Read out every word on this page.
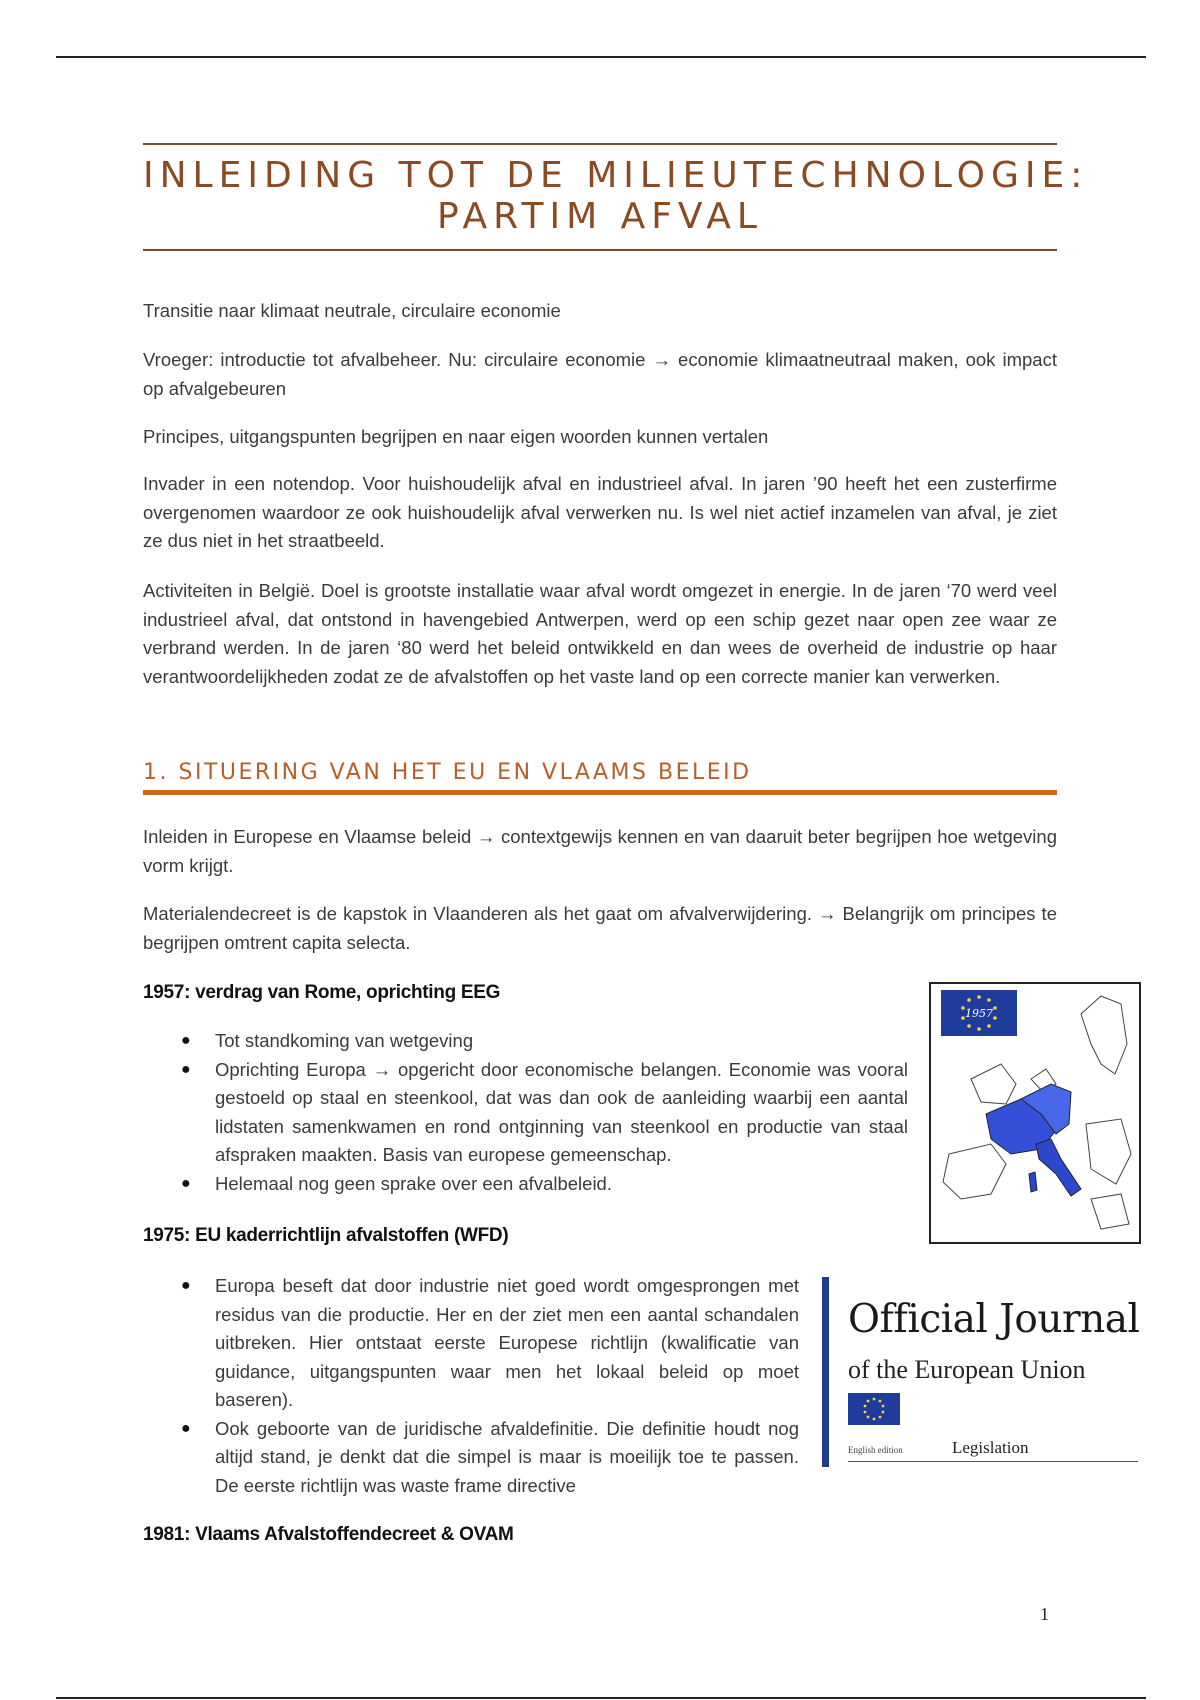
INLEIDING TOT DE MILIEUTECHNOLOGIE:
PARTIM AFVAL
Transitie naar klimaat neutrale, circulaire economie
Vroeger: introductie tot afvalbeheer. Nu: circulaire economie → economie klimaatneutraal maken, ook impact op afvalgebeuren
Principes, uitgangspunten begrijpen en naar eigen woorden kunnen vertalen
Invader in een notendop. Voor huishoudelijk afval en industrieel afval. In jaren ’90 heeft het een zusterfirme overgenomen waardoor ze ook huishoudelijk afval verwerken nu. Is wel niet actief inzamelen van afval, je ziet ze dus niet in het straatbeeld.
Activiteiten in België. Doel is grootste installatie waar afval wordt omgezet in energie. In de jaren ‘70 werd veel industrieel afval, dat ontstond in havengebied Antwerpen, werd op een schip gezet naar open zee waar ze verbrand werden. In de jaren ‘80 werd het beleid ontwikkeld en dan wees de overheid de industrie op haar verantwoordelijkheden zodat ze de afvalstoffen op het vaste land op een correcte manier kan verwerken.
1. SITUERING VAN HET EU EN VLAAMS BELEID
Inleiden in Europese en Vlaamse beleid → contextgewijs kennen en van daaruit beter begrijpen hoe wetgeving vorm krijgt.
Materialendecreet is de kapstok in Vlaanderen als het gaat om afvalverwijdering. → Belangrijk om principes te begrijpen omtrent capita selecta.
1957: verdrag van Rome, oprichting EEG
● Tot standkoming van wetgeving
● Oprichting Europa → opgericht door economische belangen. Economie was vooral gestoeld op staal en steenkool, dat was dan ook de aanleiding waarbij een aantal lidstaten samenkwamen en rond ontginning van steenkool en productie van staal afspraken maakten. Basis van europese gemeenschap.
● Helemaal nog geen sprake over een afvalbeleid.
1957
1975: EU kaderrichtlijn afvalstoffen (WFD)
● Europa beseft dat door industrie niet goed wordt omgesprongen met residus van die productie. Her en der ziet men een aantal schandalen uitbreken. Hier ontstaat eerste Europese richtlijn (kwalificatie van guidance, uitgangspunten waar men het lokaal beleid op moet baseren).
● Ook geboorte van de juridische afvaldefinitie. Die definitie houdt nog altijd stand, je denkt dat die simpel is maar is moeilijk toe te passen. De eerste richtlijn was waste frame directive
Official Journal
of the European Union
English edition	Legislation
1981: Vlaams Afvalstoffendecreet & OVAM
1
